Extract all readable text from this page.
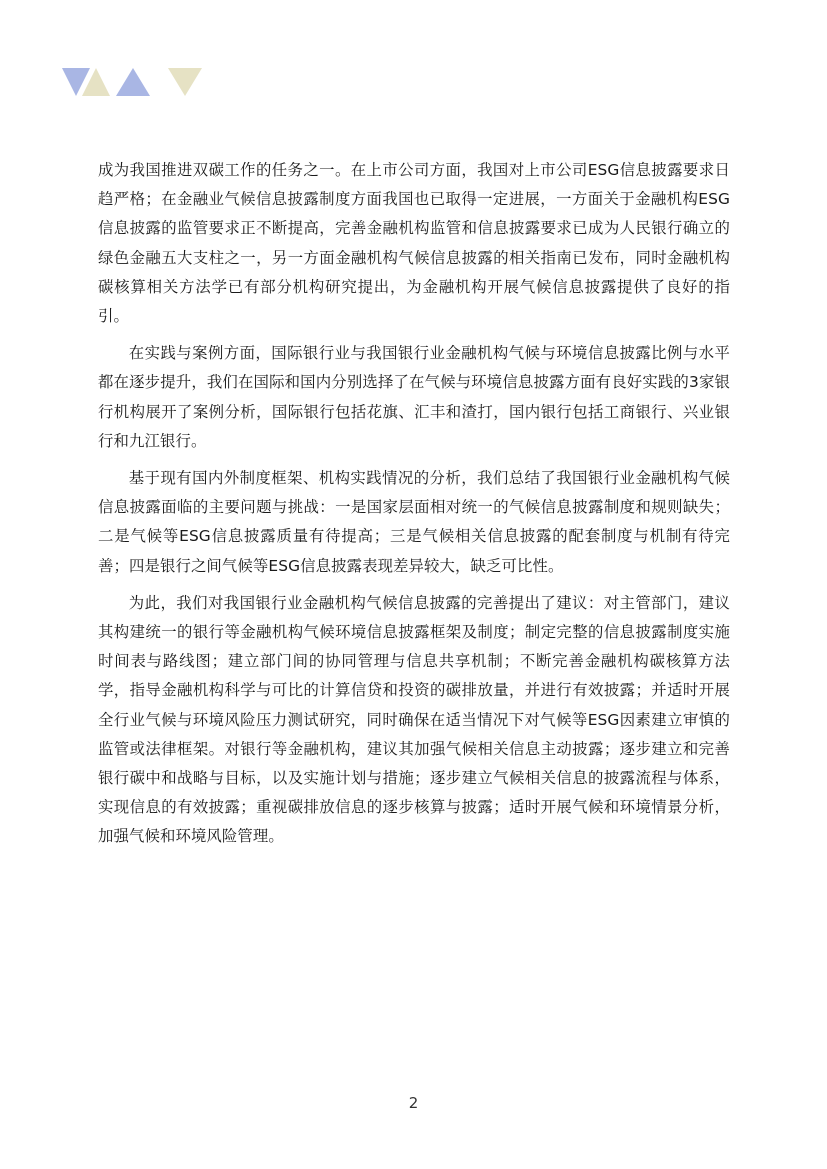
成为我国推进双碳工作的任务之一。在上市公司方面，我国对上市公司ESG信息披露要求日趋严格；在金融业气候信息披露制度方面我国也已取得一定进展，一方面关于金融机构ESG信息披露的监管要求正不断提高，完善金融机构监管和信息披露要求已成为人民银行确立的绿色金融五大支柱之一，另一方面金融机构气候信息披露的相关指南已发布，同时金融机构碳核算相关方法学已有部分机构研究提出，为金融机构开展气候信息披露提供了良好的指引。

在实践与案例方面，国际银行业与我国银行业金融机构气候与环境信息披露比例与水平都在逐步提升，我们在国际和国内分别选择了在气候与环境信息披露方面有良好实践的3家银行机构展开了案例分析，国际银行包括花旗、汇丰和渣打，国内银行包括工商银行、兴业银行和九江银行。

基于现有国内外制度框架、机构实践情况的分析，我们总结了我国银行业金融机构气候信息披露面临的主要问题与挑战：一是国家层面相对统一的气候信息披露制度和规则缺失；二是气候等ESG信息披露质量有待提高；三是气候相关信息披露的配套制度与机制有待完善；四是银行之间气候等ESG信息披露表现差异较大，缺乏可比性。

为此，我们对我国银行业金融机构气候信息披露的完善提出了建议：对主管部门，建议其构建统一的银行等金融机构气候环境信息披露框架及制度；制定完整的信息披露制度实施时间表与路线图；建立部门间的协同管理与信息共享机制；不断完善金融机构碳核算方法学，指导金融机构科学与可比的计算信贷和投资的碳排放量，并进行有效披露；并适时开展全行业气候与环境风险压力测试研究，同时确保在适当情况下对气候等ESG因素建立审慎的监管或法律框架。对银行等金融机构，建议其加强气候相关信息主动披露；逐步建立和完善银行碳中和战略与目标，以及实施计划与措施；逐步建立气候相关信息的披露流程与体系，实现信息的有效披露；重视碳排放信息的逐步核算与披露；适时开展气候和环境情景分析，加强气候和环境风险管理。

2
